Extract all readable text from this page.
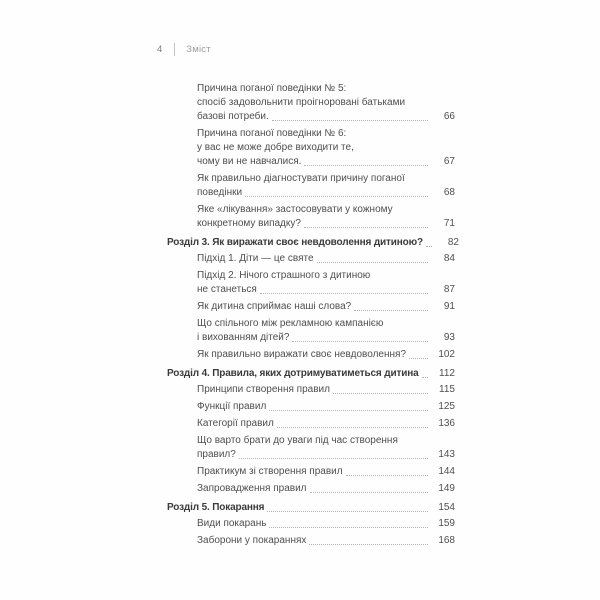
4	Зміст
Причина поганої поведінки № 5:
спосіб задовольнити проігноровані батьками
базові потреби.	66
Причина поганої поведінки № 6:
у вас не може добре виходити те,
чому ви не навчалися.	67
Як правильно діагностувати причину поганої
поведінки	68
Яке «лікування» застосовувати у кожному
конкретному випадку?	71
Розділ 3. Як виражати своє невдоволення дитиною?	82
Підхід 1. Діти — це святе	84
Підхід 2. Нічого страшного з дитиною
не станеться	87
Як дитина сприймає наші слова?	91
Що спільного між рекламною кампанією
і вихованням дітей?	93
Як правильно виражати своє невдоволення?	102
Розділ 4. Правила, яких дотримуватиметься дитина	112
Принципи створення правил	115
Функції правил	125
Категорії правил	136
Що варто брати до уваги під час створення
правил?	143
Практикум зі створення правил	144
Запровадження правил	149
Розділ 5. Покарання	154
Види покарань	159
Заборони у покараннях	168
